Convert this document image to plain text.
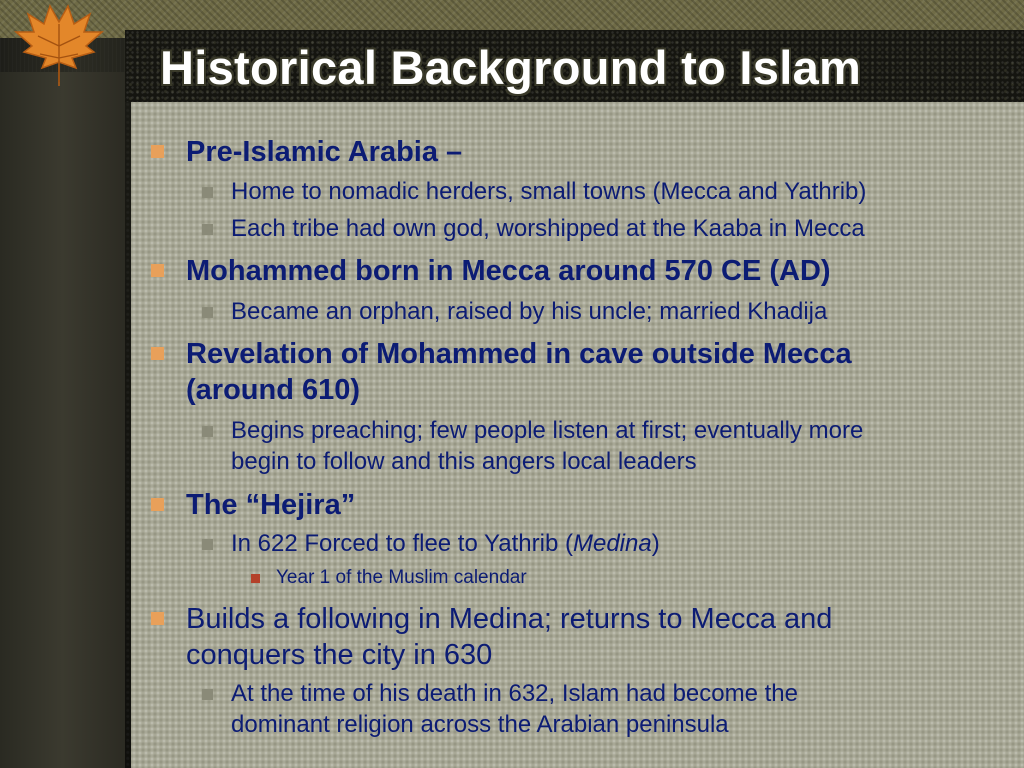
Historical Background to Islam
Pre-Islamic Arabia –
Home to nomadic herders, small towns (Mecca and Yathrib)
Each tribe had own god, worshipped at the Kaaba in Mecca
Mohammed born in Mecca around 570 CE (AD)
Became an orphan, raised by his uncle; married Khadija
Revelation of Mohammed in cave outside Mecca
(around 610)
Begins preaching; few people listen at first; eventually more
begin to follow and this angers local leaders
The “Hejira”
In 622 Forced to flee to Yathrib (Medina)
Year 1 of the Muslim calendar
Builds a following in Medina; returns to Mecca and
conquers the city in 630
At the time of his death in 632, Islam had become the
dominant religion across the Arabian peninsula
